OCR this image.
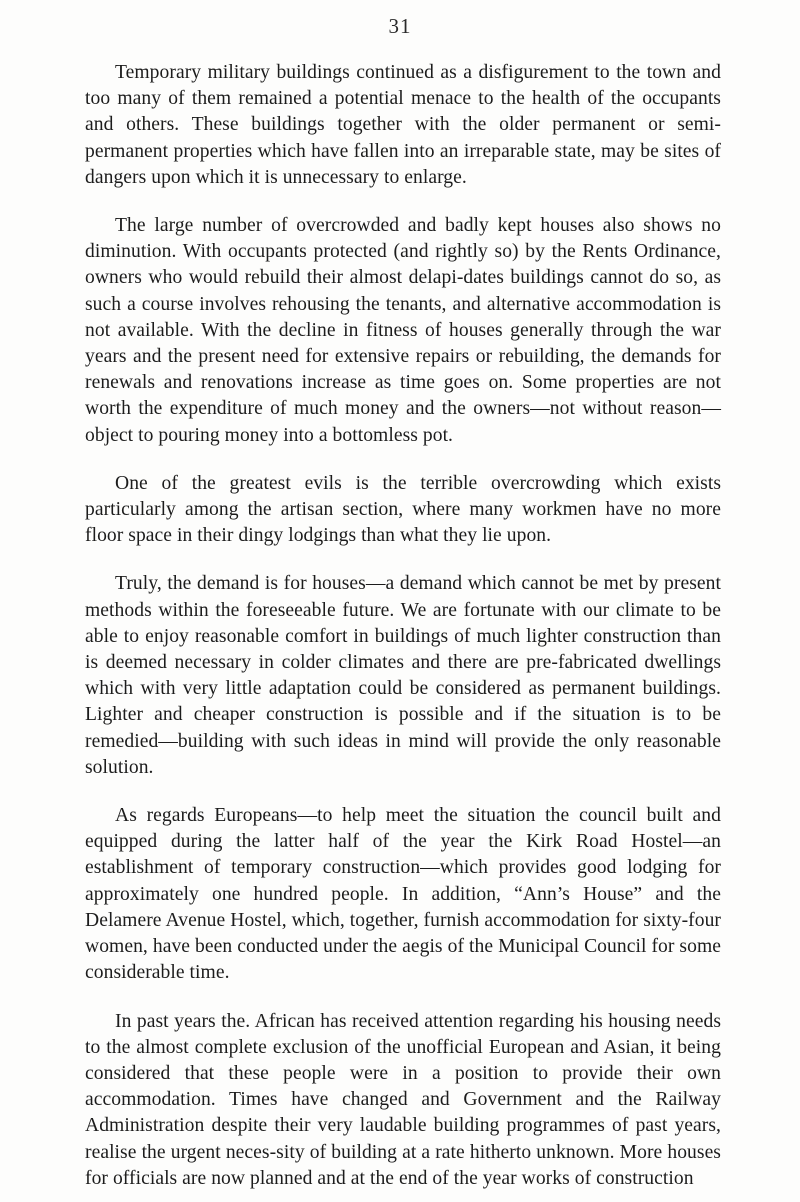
31

Temporary military buildings continued as a disfigurement to the town and too many of them remained a potential menace to the health of the occupants and others. These buildings together with the older permanent or semi-permanent properties which have fallen into an irreparable state, may be sites of dangers upon which it is unnecessary to enlarge.

The large number of overcrowded and badly kept houses also shows no diminution. With occupants protected (and rightly so) by the Rents Ordinance, owners who would rebuild their almost delapi-dates buildings cannot do so, as such a course involves rehousing the tenants, and alternative accommodation is not available. With the decline in fitness of houses generally through the war years and the present need for extensive repairs or rebuilding, the demands for renewals and renovations increase as time goes on. Some properties are not worth the expenditure of much money and the owners—not without reason—object to pouring money into a bottomless pot.

One of the greatest evils is the terrible overcrowding which exists particularly among the artisan section, where many workmen have no more floor space in their dingy lodgings than what they lie upon.

Truly, the demand is for houses—a demand which cannot be met by present methods within the foreseeable future. We are fortunate with our climate to be able to enjoy reasonable comfort in buildings of much lighter construction than is deemed necessary in colder climates and there are pre-fabricated dwellings which with very little adaptation could be considered as permanent buildings. Lighter and cheaper construction is possible and if the situation is to be remedied—building with such ideas in mind will provide the only reasonable solution.

As regards Europeans—to help meet the situation the council built and equipped during the latter half of the year the Kirk Road Hostel—an establishment of temporary construction—which provides good lodging for approximately one hundred people. In addition, “Ann’s House” and the Delamere Avenue Hostel, which, together, furnish accommodation for sixty-four women, have been conducted under the aegis of the Municipal Council for some considerable time.

In past years the. African has received attention regarding his housing needs to the almost complete exclusion of the unofficial European and Asian, it being considered that these people were in a position to provide their own accommodation. Times have changed and Government and the Railway Administration despite their very laudable building programmes of past years, realise the urgent neces-sity of building at a rate hitherto unknown. More houses for officials are now planned and at the end of the year works of construction
